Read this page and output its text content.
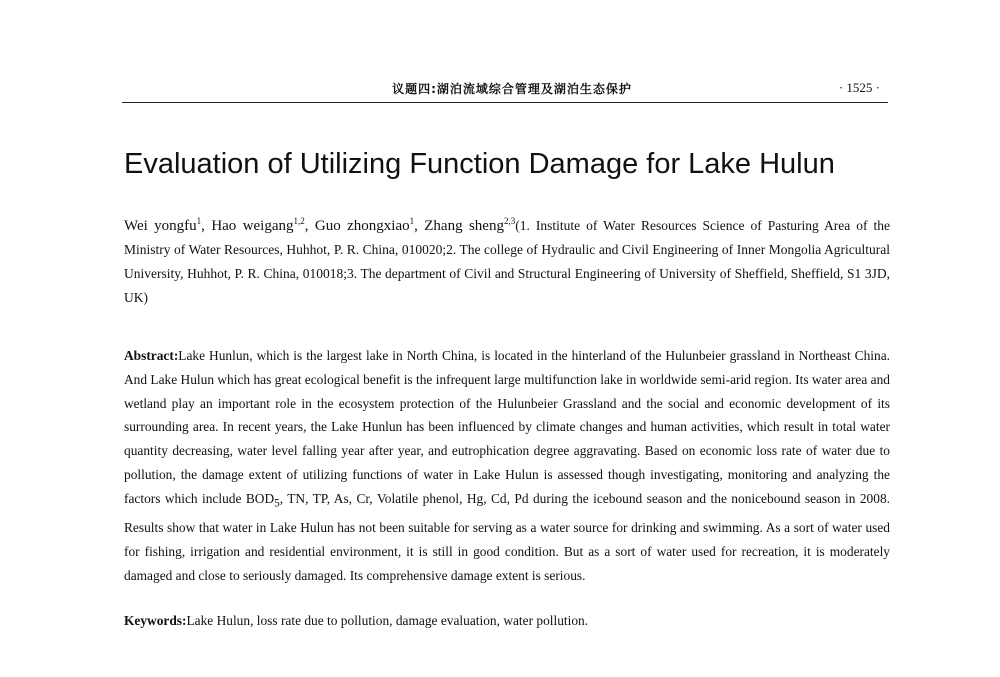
议题四:湖泊流域综合管理及湖泊生态保护	· 1525 ·
Evaluation of Utilizing Function Damage for Lake Hulun
Wei yongfu$^1$, Hao weigang$^{1,2}$, Guo zhongxiao$^1$, Zhang sheng$^{2,3}$(1. Institute of Water Resources Science of Pasturing Area of the Ministry of Water Resources, Huhhot, P. R. China, 010020;2. The college of Hydraulic and Civil Engineering of Inner Mongolia Agricultural University, Huhhot, P. R. China, 010018;3. The department of Civil and Structural Engineering of University of Sheffield, Sheffield, S1 3JD, UK)
Abstract:Lake Hunlun, which is the largest lake in North China, is located in the hinterland of the Hulunbeier grassland in Northeast China. And Lake Hulun which has great ecological benefit is the infrequent large multifunction lake in worldwide semi-arid region. Its water area and wetland play an important role in the ecosystem protection of the Hulunbeier Grassland and the social and economic development of its surrounding area. In recent years, the Lake Hunlun has been influenced by climate changes and human activities, which result in total water quantity decreasing, water level falling year after year, and eutrophication degree aggravating. Based on economic loss rate of water due to pollution, the damage extent of utilizing functions of water in Lake Hulun is assessed though investigating, monitoring and analyzing the factors which include $BOD_5$, TN, TP, As, Cr, Volatile phenol, Hg, Cd, Pd during the icebound season and the nonicebound season in 2008. Results show that water in Lake Hulun has not been suitable for serving as a water source for drinking and swimming. As a sort of water used for fishing, irrigation and residential environment, it is still in good condition. But as a sort of water used for recreation, it is moderately damaged and close to seriously damaged. Its comprehensive damage extent is serious.
Keywords:Lake Hulun, loss rate due to pollution, damage evaluation, water pollution.
